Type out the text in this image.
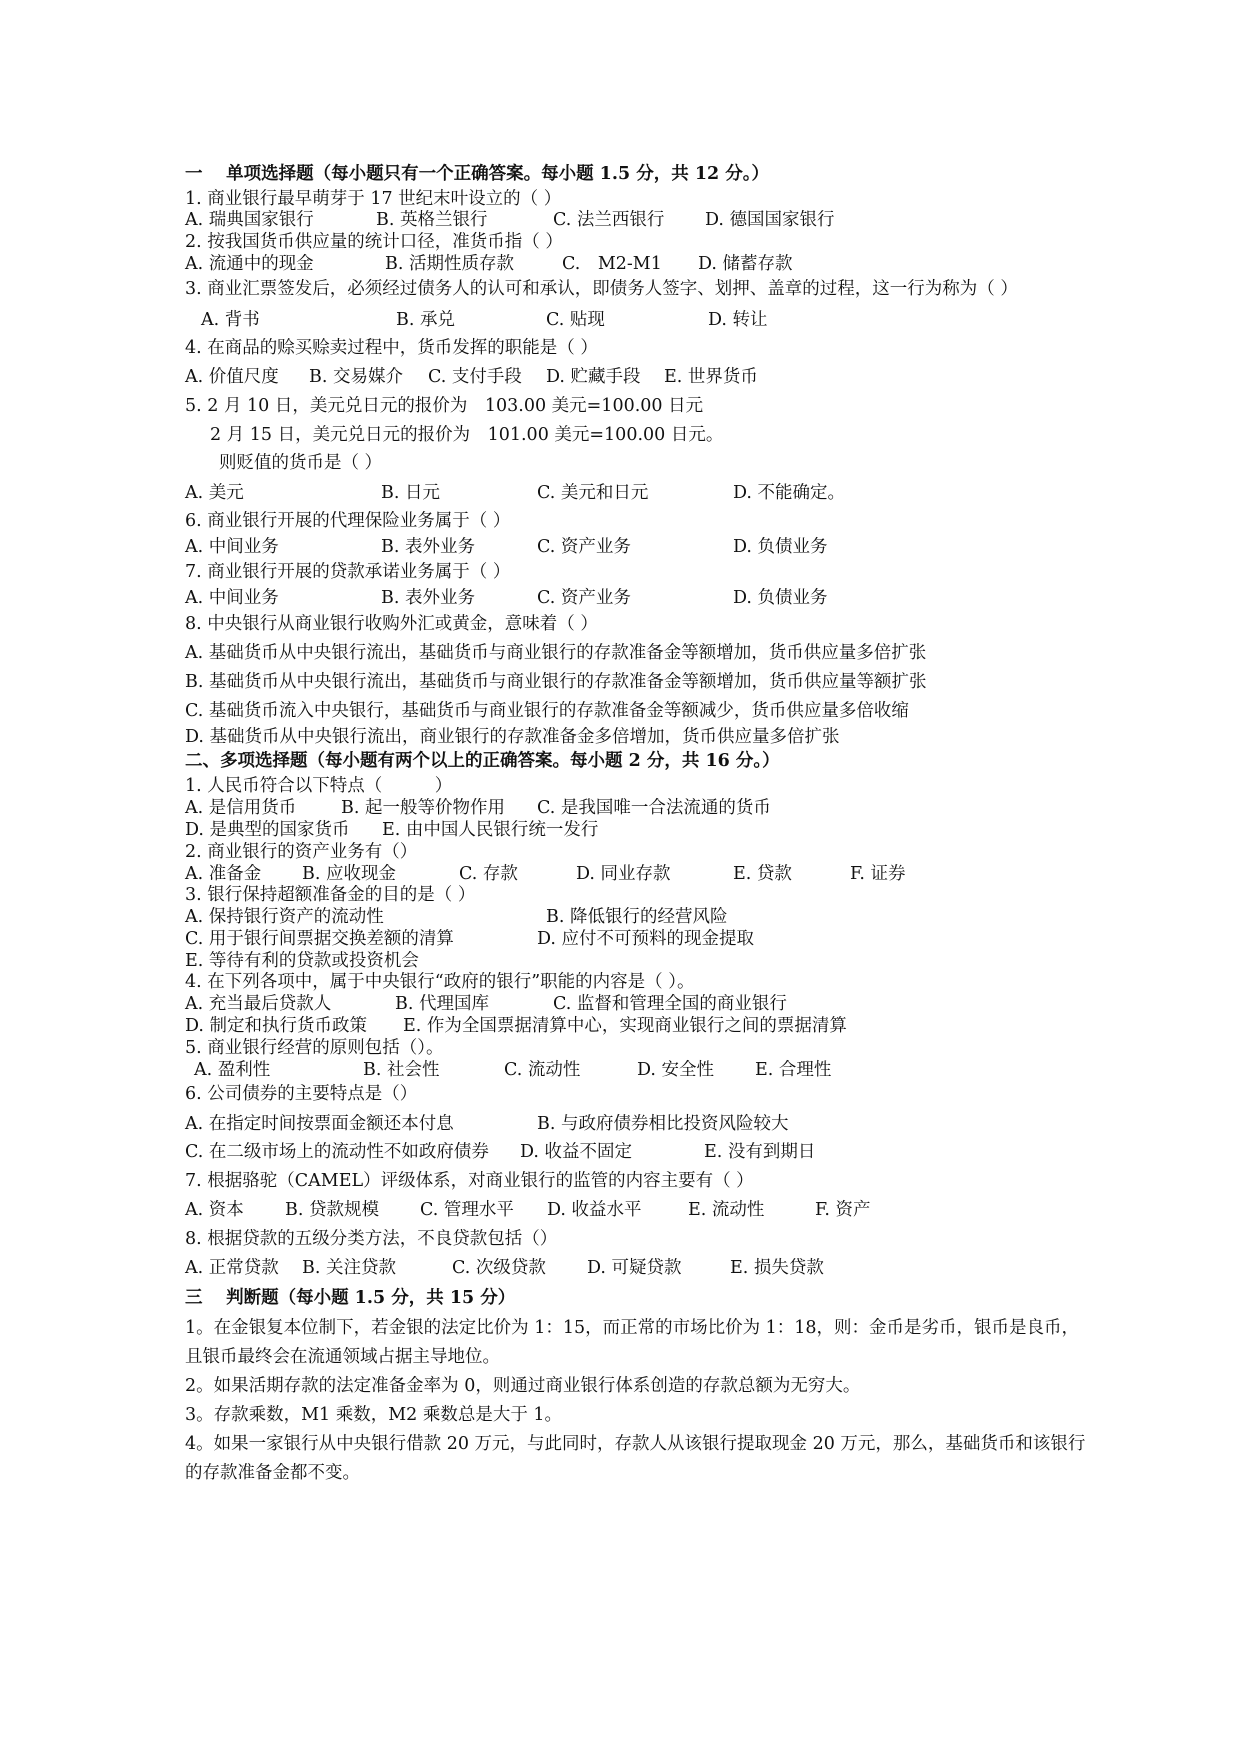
一　 单项选择题（每小题只有一个正确答案。每小题 1.5 分，共 12 分。）
1. 商业银行最早萌芽于 17 世纪末叶设立的（ ）
A. 瑞典国家银行	B. 英格兰银行	C. 法兰西银行 D. 德国国家银行
2. 按我国货币供应量的统计口径，准货币指（ ）
A. 流通中的现金	B. 活期性质存款	C.　M2-M1 D. 储蓄存款
3. 商业汇票签发后，必须经过债务人的认可和承认，即债务人签字、划押、盖章的过程，这一行为称为（ ）
A. 背书	B. 承兑	C. 贴现	D. 转让
4. 在商品的赊买赊卖过程中，货币发挥的职能是（ ）
A. 价值尺度 B. 交易媒介 C. 支付手段 D. 贮藏手段 E. 世界货币
5. 2 月 10 日，美元兑日元的报价为　103.00 美元=100.00 日元
2 月 15 日，美元兑日元的报价为　101.00 美元=100.00 日元。
则贬值的货币是（ ）
A. 美元	B. 日元	C. 美元和日元	D. 不能确定。
6. 商业银行开展的代理保险业务属于（ ）
A. 中间业务	B. 表外业务	C. 资产业务	D. 负债业务
7. 商业银行开展的贷款承诺业务属于（ ）
A. 中间业务	B. 表外业务	C. 资产业务	D. 负债业务
8. 中央银行从商业银行收购外汇或黄金，意味着（ ）
A. 基础货币从中央银行流出，基础货币与商业银行的存款准备金等额增加，货币供应量多倍扩张
B. 基础货币从中央银行流出，基础货币与商业银行的存款准备金等额增加，货币供应量等额扩张
C. 基础货币流入中央银行，基础货币与商业银行的存款准备金等额减少，货币供应量多倍收缩
D. 基础货币从中央银行流出，商业银行的存款准备金多倍增加，货币供应量多倍扩张
二、多项选择题（每小题有两个以上的正确答案。每小题 2 分，共 16 分。）
1. 人民币符合以下特点（　　　）
A. 是信用货币	B. 起一般等价物作用 C. 是我国唯一合法流通的货币
D. 是典型的国家货币 E. 由中国人民银行统一发行
2. 商业银行的资产业务有（）
A. 准备金 B. 应收现金	C. 存款	D. 同业存款	E. 贷款	F. 证券
3. 银行保持超额准备金的目的是（ ）
A. 保持银行资产的流动性	B. 降低银行的经营风险
C. 用于银行间票据交换差额的清算	D. 应付不可预料的现金提取
E. 等待有利的贷款或投资机会
4. 在下列各项中，属于中央银行“政府的银行”职能的内容是（ ）。
A. 充当最后贷款人	B. 代理国库	C. 监督和管理全国的商业银行
D. 制定和执行货币政策 E. 作为全国票据清算中心，实现商业银行之间的票据清算
5. 商业银行经营的原则包括（）。
A. 盈利性	B. 社会性	C. 流动性	D. 安全性 E. 合理性
6. 公司债券的主要特点是（）
A. 在指定时间按票面金额还本付息	B. 与政府债券相比投资风险较大
C. 在二级市场上的流动性不如政府债券 D. 收益不固定	E. 没有到期日
7. 根据骆驼（CAMEL）评级体系，对商业银行的监管的内容主要有（ ）
A. 资本 B. 贷款规模 C. 管理水平 D. 收益水平	E. 流动性	F. 资产
8. 根据贷款的五级分类方法，不良贷款包括（）
A. 正常贷款 B. 关注贷款	C. 次级贷款 D. 可疑贷款	E. 损失贷款
三　 判断题（每小题 1.5 分，共 15 分）
1。在金银复本位制下，若金银的法定比价为 1：15，而正常的市场比价为 1：18，则：金币是劣币，银币是良币，
且银币最终会在流通领域占据主导地位。
2。如果活期存款的法定准备金率为 0，则通过商业银行体系创造的存款总额为无穷大。
3。存款乘数，M1 乘数，M2 乘数总是大于 1。
4。如果一家银行从中央银行借款 20 万元，与此同时，存款人从该银行提取现金 20 万元，那么，基础货币和该银行
的存款准备金都不变。
